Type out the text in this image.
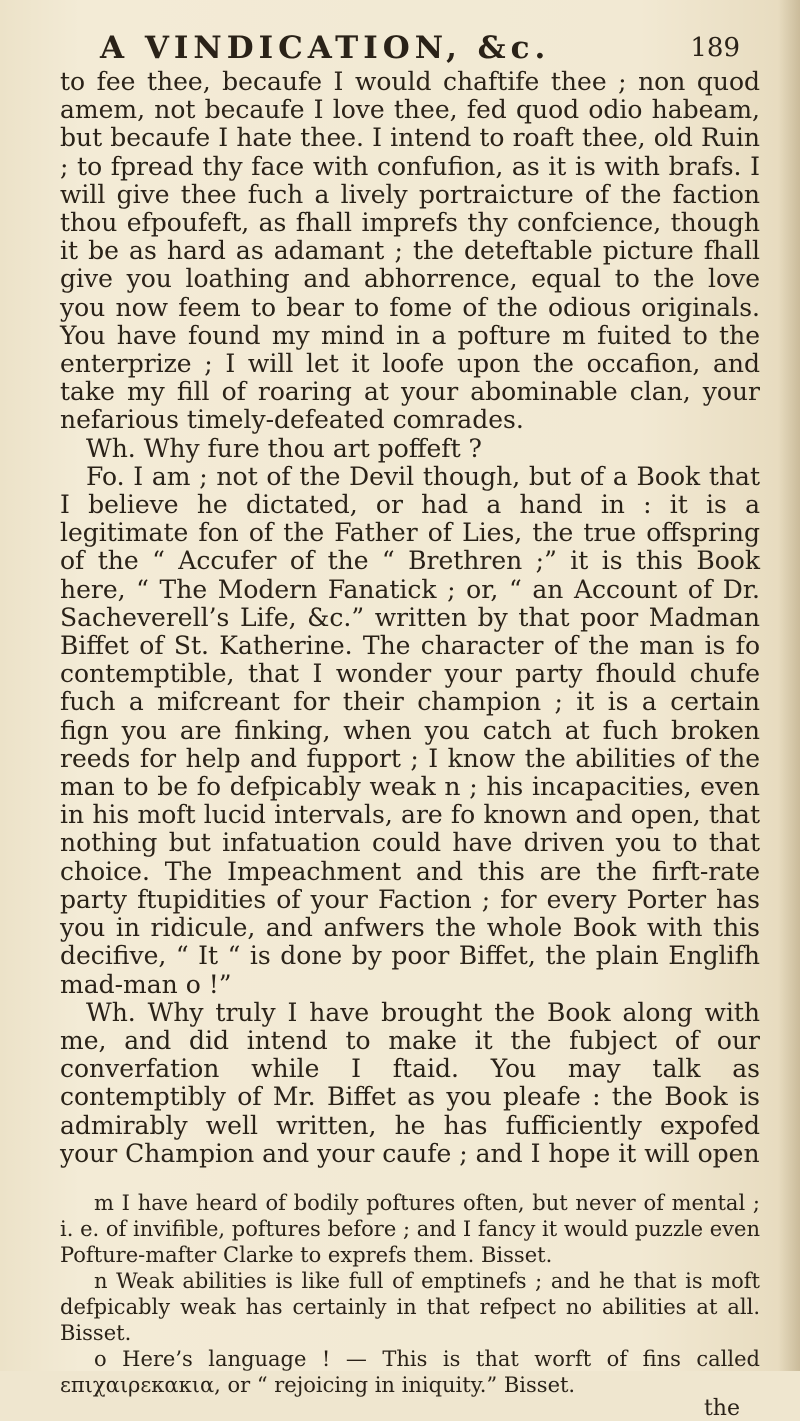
A VINDICATION, &c.	189

to fee thee, becaufe I would chaftife thee ; non quod amem, not becaufe I love thee, fed quod odio habeam, but becaufe I hate thee. I intend to roaft thee, old Ruin ; to fpread thy face with confufion, as it is with brafs. I will give thee fuch a lively portraicture of the faction thou efpoufeft, as fhall imprefs thy confcience, though it be as hard as adamant ; the deteftable picture fhall give you loathing and abhorrence, equal to the love you now feem to bear to fome of the odious originals. You have found my mind in a pofture m fuited to the enterprize ; I will let it loofe upon the occafion, and take my fill of roaring at your abominable clan, your nefarious timely-defeated comrades.

Wh. Why fure thou art poffeft ?

Fo. I am ; not of the Devil though, but of a Book that I believe he dictated, or had a hand in : it is a legitimate fon of the Father of Lies, the true offspring of the “ Accufer of the “ Brethren ;” it is this Book here, “ The Modern Fanatick ; or, “ an Account of Dr. Sacheverell’s Life, &c.” written by that poor Madman Biffet of St. Katherine. The character of the man is fo contemptible, that I wonder your party fhould chufe fuch a mifcreant for their champion ; it is a certain fign you are finking, when you catch at fuch broken reeds for help and fupport ; I know the abilities of the man to be fo defpicably weak n ; his incapacities, even in his moft lucid intervals, are fo known and open, that nothing but infatuation could have driven you to that choice. The Impeachment and this are the firft-rate party ftupidities of your Faction ; for every Porter has you in ridicule, and anfwers the whole Book with this decifive, “ It “ is done by poor Biffet, the plain Englifh mad-man o !”

Wh. Why truly I have brought the Book along with me, and did intend to make it the fubject of our converfation while I ftaid. You may talk as contemptibly of Mr. Biffet as you pleafe : the Book is admirably well written, he has fufficiently expofed your Champion and your caufe ; and I hope it will open

m I have heard of bodily poftures often, but never of mental ; i. e. of invifible, poftures before ; and I fancy it would puzzle even Pofture-mafter Clarke to exprefs them. Bisset.

n Weak abilities is like full of emptinefs ; and he that is moft defpicably weak has certainly in that refpect no abilities at all. Bisset.

o Here’s language ! — This is that worft of fins called επιχαιρεκακια, or “ rejoicing in iniquity.” Bisset.

the
